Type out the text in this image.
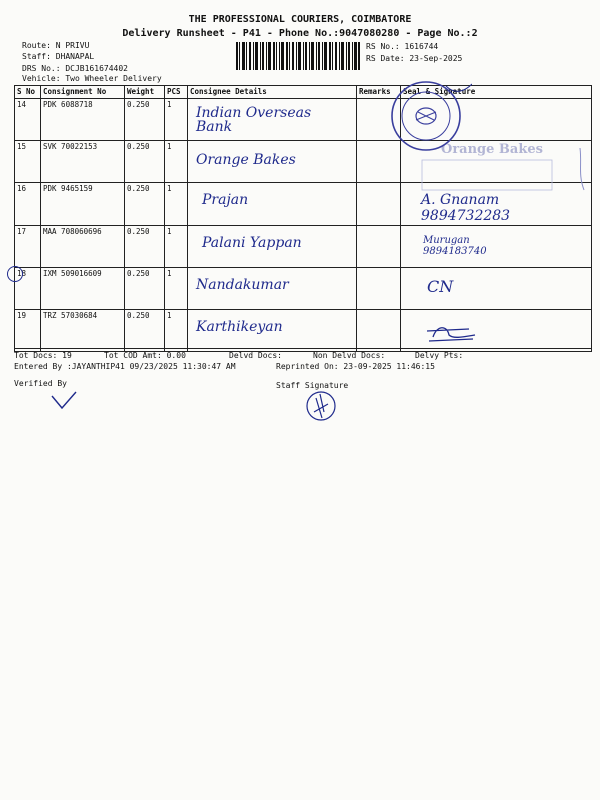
THE PROFESSIONAL COURIERS, COIMBATORE
Delivery Runsheet - P41 - Phone No.:9047080280 - Page No.:2
Route: N PRIVU
Staff: DHANAPAL
DRS No.: DCJB161674402
Vehicle: Two Wheeler Delivery
RS No.: 1616744
RS Date: 23-Sep-2025
S No	Consignment No	Weight	PCS	Consignee Details	Remarks	Seal & Signature
14	PDK 6088718	0.250	1	Indian Overseas Bank		

15	SVK 70022153	0.250	1	Orange Bakes		Orange Bakes

16	PDK 9465159	0.250	1	Prajan		A. Gnanam 9894732283

17	MAA 708060696	0.250	1	Palani Yappan		Murugan 9894183740

18	IXM 509016609	0.250	1	Nandakumar		CN

19	TRZ 57030684	0.250	1	Karthikeyan

Tot Docs: 19	Tot COD Amt: 0.00	Delvd Docs:	Non Delvd Docs:	Delvy Pts:
Entered By :JAYANTHIP41 09/23/2025 11:30:47 AM	Reprinted On: 23-09-2025 11:46:15
Verified By	Staff Signature
